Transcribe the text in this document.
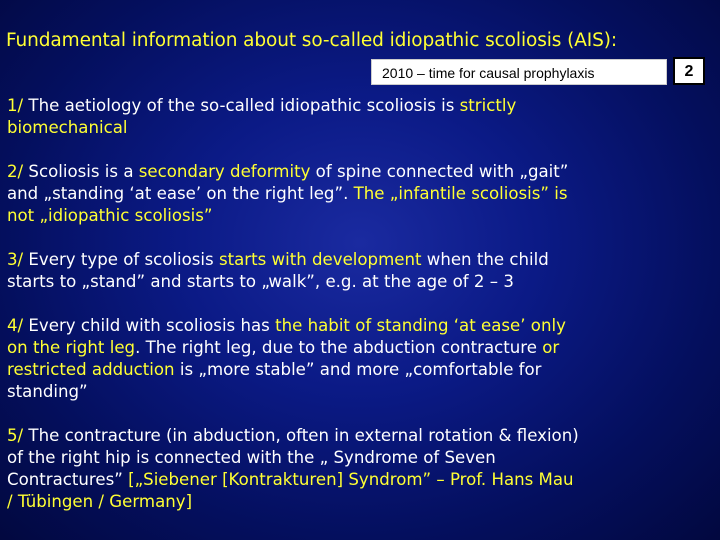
Fundamental information about so-called idiopathic scoliosis (AIS):
2010 – time for causal prophylaxis	2
1/ The aetiology of the so-called idiopathic scoliosis is strictly
biomechanical
2/ Scoliosis is a secondary deformity of spine connected with „gait”
and „standing ‘at ease’ on the right leg”. The „infantile scoliosis” is
not „idiopathic scoliosis”
3/ Every type of scoliosis starts with development when the child
starts to „stand” and starts to „walk”, e.g. at the age of 2 – 3
4/ Every child with scoliosis has the habit of standing ‘at ease’ only
on the right leg. The right leg, due to the abduction contracture or
restricted adduction is „more stable” and more „comfortable for
standing”
5/ The contracture (in abduction, often in external rotation & flexion)
of the right hip is connected with the „ Syndrome of Seven
Contractures” [„Siebener [Kontrakturen] Syndrom” – Prof. Hans Mau
/ Tübingen / Germany]
